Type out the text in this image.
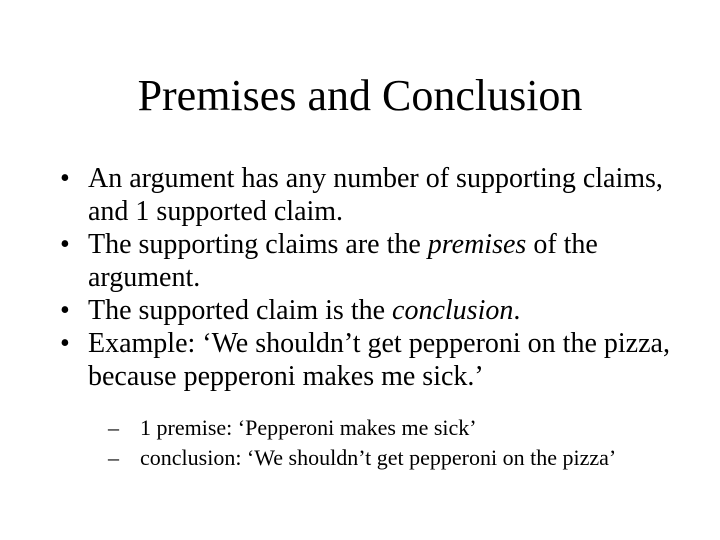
Premises and Conclusion
• An argument has any number of supporting claims, and 1 supported claim.
• The supporting claims are the premises of the argument.
• The supported claim is the conclusion.
• Example: ‘We shouldn’t get pepperoni on the pizza, because pepperoni makes me sick.’
– 1 premise: ‘Pepperoni makes me sick’
– conclusion: ‘We shouldn’t get pepperoni on the pizza’
